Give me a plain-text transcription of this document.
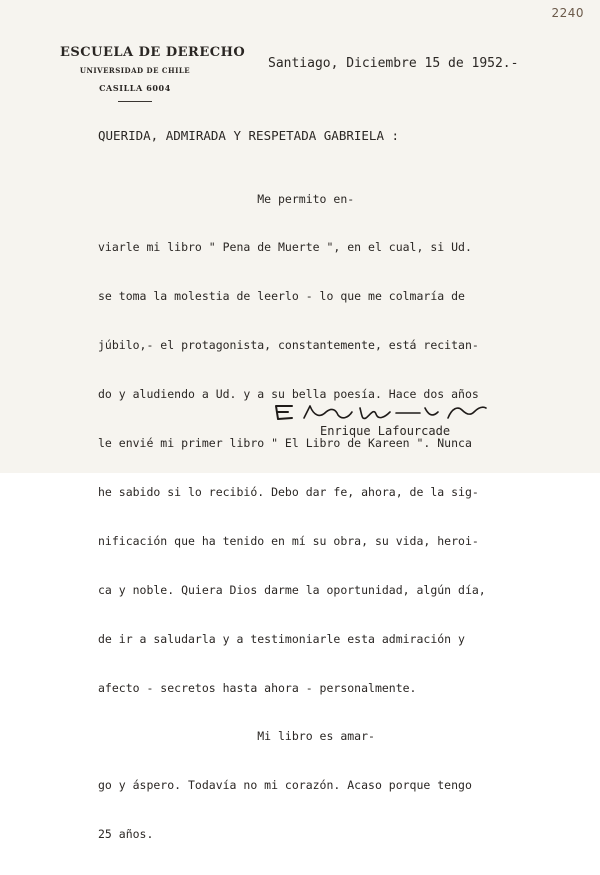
2240
ESCUELA DE DERECHO
UNIVERSIDAD DE CHILE
CASILLA 6004
Santiago, Diciembre 15 de 1952.-
QUERIDA, ADMIRADA Y RESPETADA GABRIELA :

Me permito en-

viarle mi libro " Pena de Muerte ", en el cual, si Ud.

se toma la molestia de leerlo - lo que me colmaría de

júbilo,- el protagonista, constantemente, está recitan-

do y aludiendo a Ud. y a su bella poesía. Hace dos años

le envié mi primer libro " El Libro de Kareen ". Nunca

he sabido si lo recibió. Debo dar fe, ahora, de la sig-

nificación que ha tenido en mí su obra, su vida, heroi-

ca y noble. Quiera Dios darme la oportunidad, algún día,

de ir a saludarla y a testimoniarle esta admiración y

afecto - secretos hasta ahora - personalmente.

Mi libro es amar-

go y áspero. Todavía no mi corazón. Acaso porque tengo

25 años.

Enrique Lafourcade
